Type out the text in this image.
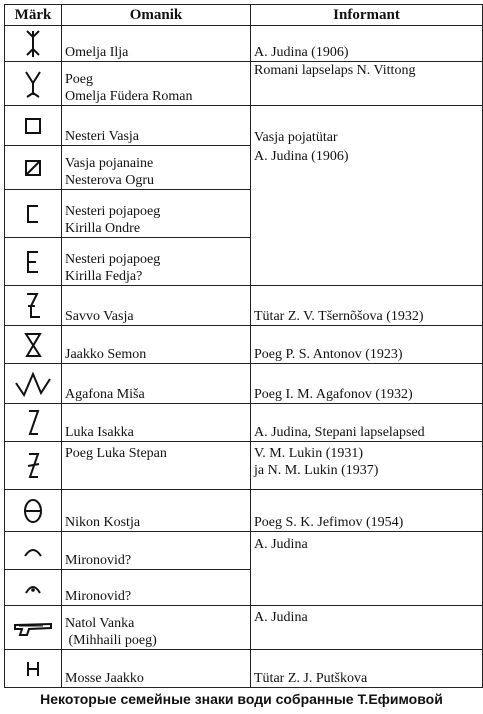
Märk	Omanik	Informant

Omelja Ilja	A. Judina (1906)

Poeg
Omelja Füdera Roman	Romani lapselaps N. Vittong

Nesteri Vasja	Vasja pojatütar

Vasja pojanaine
Nesterova Ogru	A. Judina (1906)

Nesteri pojapoeg
Kirilla Ondre	

Nesteri pojapoeg
Kirilla Fedja?	

Savvo Vasja	Tütar Z. V. Tšernõšova (1932)

Jaakko Semon	Poeg P. S. Antonov (1923)

Agafona Miša	Poeg I. M. Agafonov (1932)

Luka Isakka	A. Judina, Stepani lapselapsed

Poeg Luka Stepan	V. M. Lukin (1931)
ja N. M. Lukin (1937)

Nikon Kostja	Poeg S. K. Jefimov (1954)

Mironovid?	A. Judina

Mironovid?	

Natol Vanka
(Mihhaili poeg)	A. Judina

Mosse Jaakko	Tütar Z. J. Putškova
Некоторые семейные знаки води собранные Т.Ефимовой
